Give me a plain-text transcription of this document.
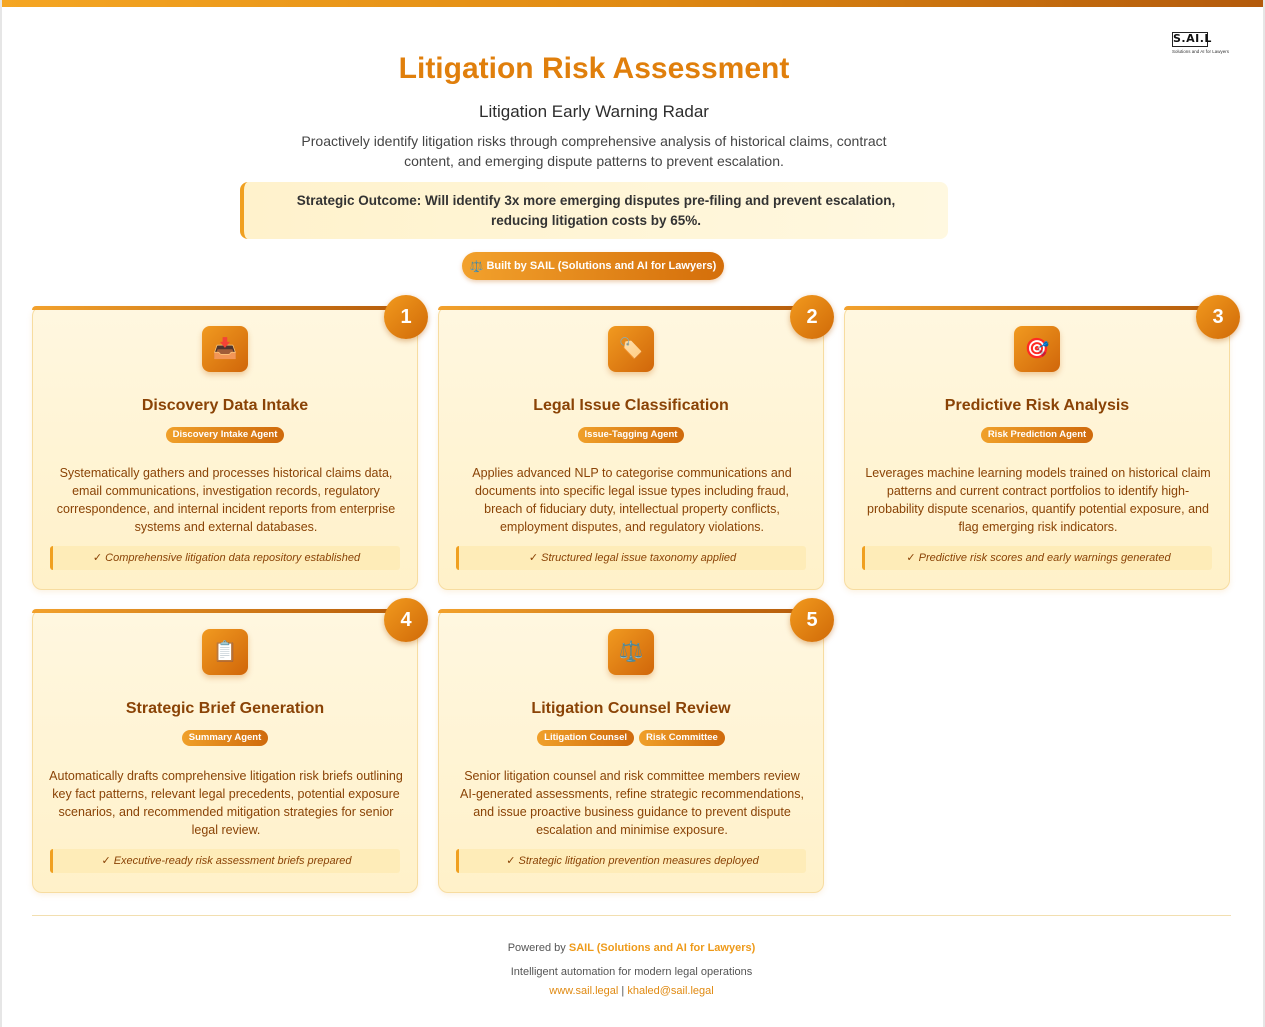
S.AI.L
Solutions and AI for Lawyers
Litigation Risk Assessment
Litigation Early Warning Radar

Proactively identify litigation risks through comprehensive analysis of historical claims, contract content, and emerging dispute patterns to prevent escalation.

Strategic Outcome: Will identify 3x more emerging disputes pre-filing and prevent escalation, reducing litigation costs by 65%.
⚖️ Built by SAIL (Solutions and AI for Lawyers)
1
📥
Discovery Data Intake
Discovery Intake Agent
Systematically gathers and processes historical claims data, email communications, investigation records, regulatory correspondence, and internal incident reports from enterprise systems and external databases.
✓ Comprehensive litigation data repository established
2
🏷️
Legal Issue Classification
Issue-Tagging Agent
Applies advanced NLP to categorise communications and documents into specific legal issue types including fraud, breach of fiduciary duty, intellectual property conflicts, employment disputes, and regulatory violations.
✓ Structured legal issue taxonomy applied
3
🎯
Predictive Risk Analysis
Risk Prediction Agent
Leverages machine learning models trained on historical claim patterns and current contract portfolios to identify high-probability dispute scenarios, quantify potential exposure, and flag emerging risk indicators.
✓ Predictive risk scores and early warnings generated
4
📋
Strategic Brief Generation
Summary Agent
Automatically drafts comprehensive litigation risk briefs outlining key fact patterns, relevant legal precedents, potential exposure scenarios, and recommended mitigation strategies for senior legal review.
✓ Executive-ready risk assessment briefs prepared
5
⚖️
Litigation Counsel Review
Litigation Counsel	Risk Committee
Senior litigation counsel and risk committee members review AI-generated assessments, refine strategic recommendations, and issue proactive business guidance to prevent dispute escalation and minimise exposure.
✓ Strategic litigation prevention measures deployed
Powered by SAIL (Solutions and AI for Lawyers)
Intelligent automation for modern legal operations
www.sail.legal | khaled@sail.legal
